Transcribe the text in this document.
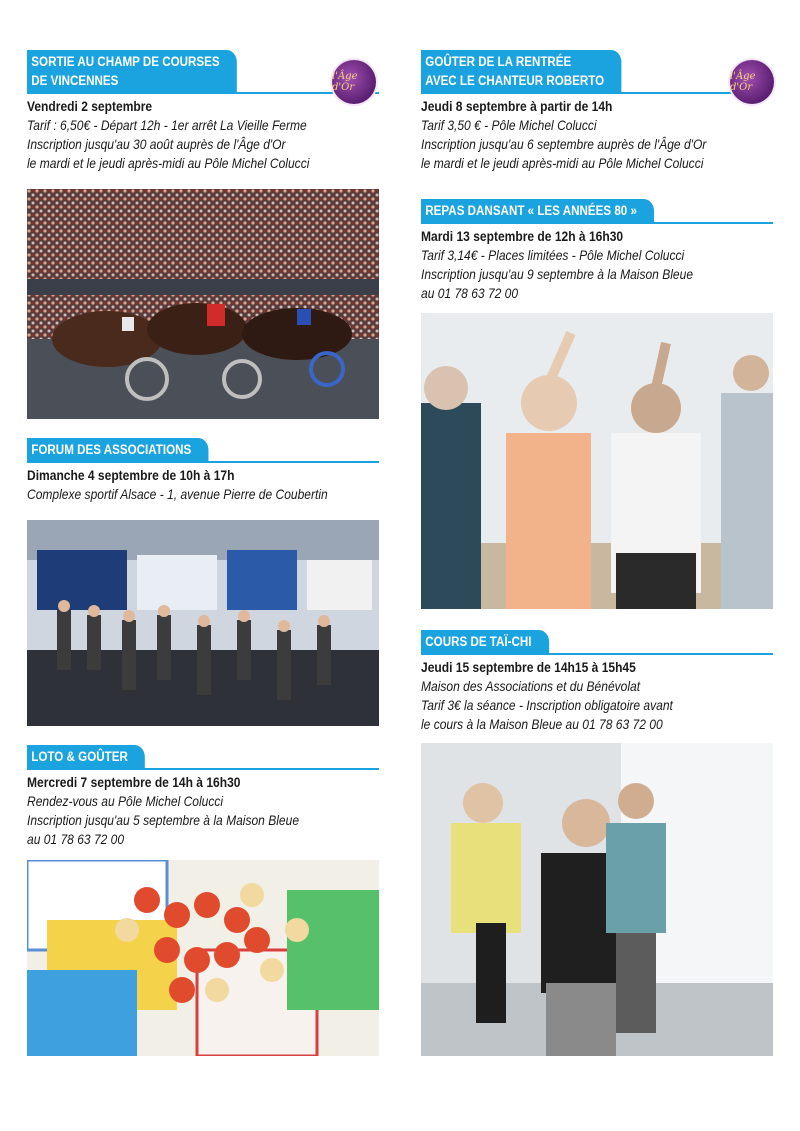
SORTIE AU CHAMP DE COURSES
DE VINCENNES
Vendredi 2 septembre
Tarif : 6,50€ - Départ 12h - 1er arrêt La Vieille Ferme
Inscription jusqu'au 30 août auprès de l'Âge d'Or
le mardi et le jeudi après-midi au Pôle Michel Colucci
l'Âge d'Or
FORUM DES ASSOCIATIONS
Dimanche 4 septembre de 10h à 17h
Complexe sportif Alsace - 1, avenue Pierre de Coubertin
LOTO & GOÛTER
Mercredi 7 septembre de 14h à 16h30
Rendez-vous au Pôle Michel Colucci
Inscription jusqu'au 5 septembre à la Maison Bleue
au 01 78 63 72 00
GOÛTER DE LA RENTRÉE
AVEC LE CHANTEUR ROBERTO
Jeudi 8 septembre à partir de 14h
Tarif 3,50 € - Pôle Michel Colucci
Inscription jusqu'au 6 septembre auprès de l'Âge d'Or
le mardi et le jeudi après-midi au Pôle Michel Colucci
l'Âge d'Or
REPAS DANSANT « LES ANNÉES 80 »
Mardi 13 septembre de 12h à 16h30
Tarif 3,14€ - Places limitées - Pôle Michel Colucci
Inscription jusqu'au 9 septembre à la Maison Bleue
au 01 78 63 72 00
COURS DE TAÏ-CHI
Jeudi 15 septembre de 14h15 à 15h45
Maison des Associations et du Bénévolat
Tarif 3€ la séance - Inscription obligatoire avant
le cours à la Maison Bleue au 01 78 63 72 00
